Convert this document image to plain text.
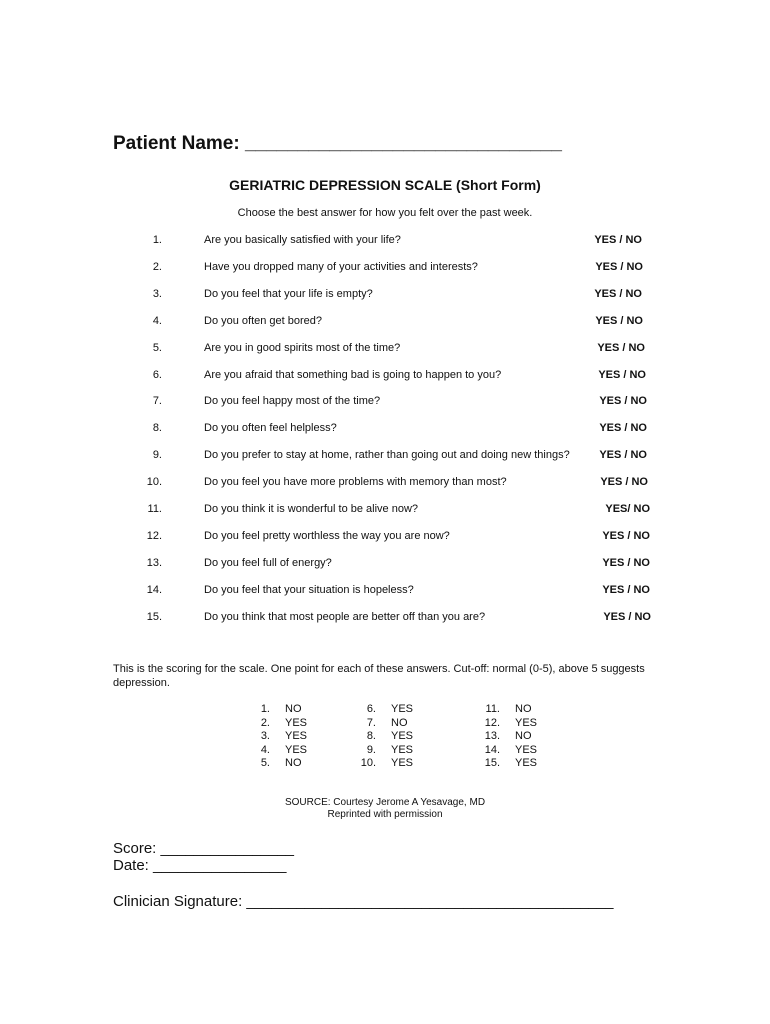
Patient Name: ______________________________
GERIATRIC DEPRESSION SCALE (Short Form)
Choose the best answer for how you felt over the past week.
1.	Are you basically satisfied with your life?	YES / NO
2.	Have you dropped many of your activities and interests?	YES / NO
3.	Do you feel that your life is empty?	YES / NO
4.	Do you often get bored?	YES / NO
5.	Are you in good spirits most of the time?	YES / NO
6.	Are you afraid that something bad is going to happen to you?	YES / NO
7.	Do you feel happy most of the time?	YES / NO
8.	Do you often feel helpless?	YES / NO
9.	Do you prefer to stay at home, rather than going out and doing new things?	YES / NO
10.	Do you feel you have more problems with memory than most?	YES / NO
11.	Do you think it is wonderful to be alive now?	YES/ NO
12.	Do you feel pretty worthless the way you are now?	YES / NO
13.	Do you feel full of energy?	YES / NO
14.	Do you feel that your situation is hopeless?	YES / NO
15.	Do you think that most people are better off than you are?	YES / NO
This is the scoring for the scale. One point for each of these answers. Cut-off: normal (0-5), above 5 suggests depression.
1. NO
2. YES
3. YES
4. YES
5. NO
6. YES
7. NO
8. YES
9. YES
10. YES
11. NO
12. YES
13. NO
14. YES
15. YES
SOURCE: Courtesy Jerome A Yesavage, MD
Reprinted with permission
Score: ________________
Date: ________________
Clinician Signature: ____________________________________________
